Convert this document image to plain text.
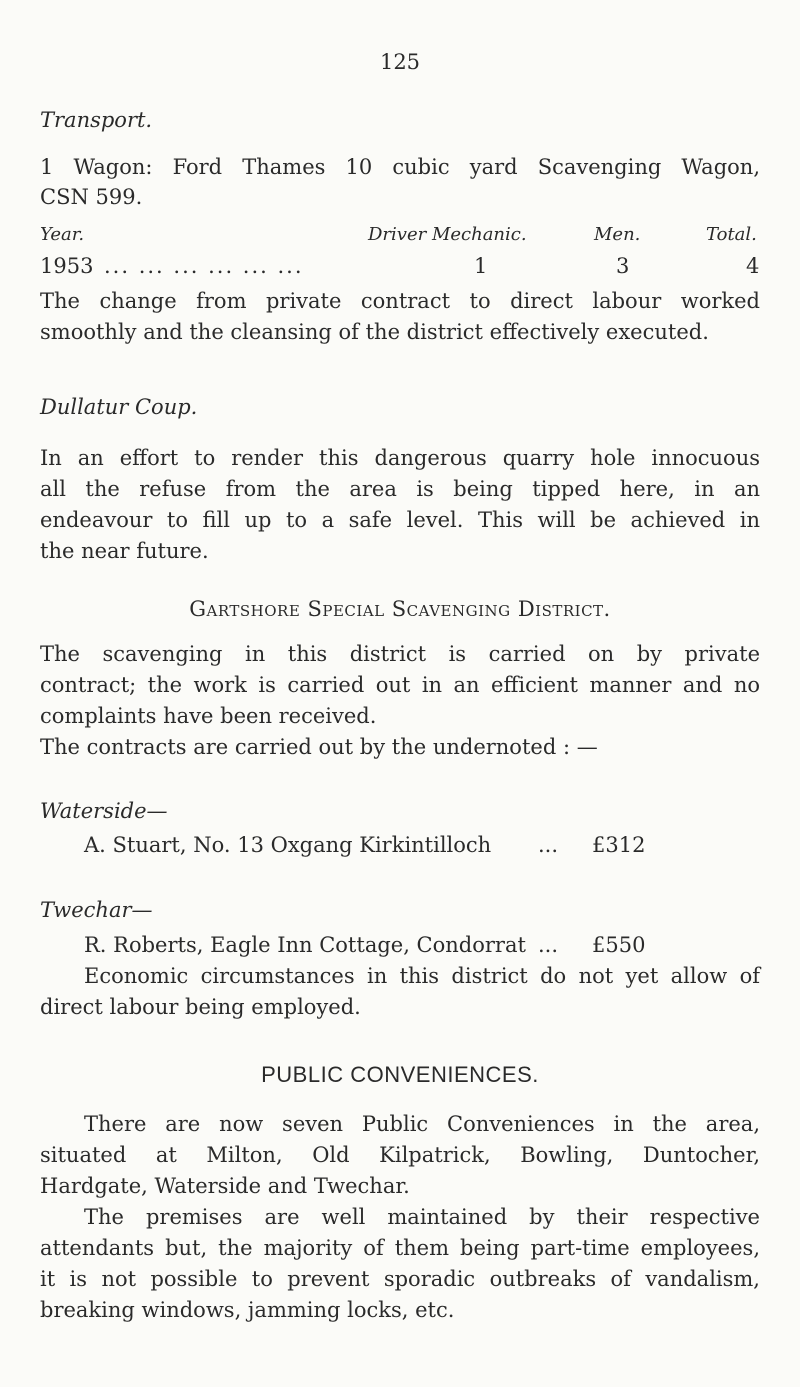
125
Transport.
1 Wagon: Ford Thames 10 cubic yard Scavenging Wagon,
CSN 599.
Year.	Driver Mechanic.	Men.	Total.
1953 ... ... ... ... ... ...	1	3	4
The change from private contract to direct labour worked
smoothly and the cleansing of the district effectively executed.
Dullatur Coup.
In an effort to render this dangerous quarry hole innocuous
all the refuse from the area is being tipped here, in an
endeavour to fill up to a safe level. This will be achieved in
the near future.
Gartshore Special Scavenging District.
The scavenging in this district is carried on by private
contract; the work is carried out in an efficient manner and no
complaints have been received.
The contracts are carried out by the undernoted : —
Waterside—
A. Stuart, No. 13 Oxgang Kirkintilloch ... £312
Twechar—
R. Roberts, Eagle Inn Cottage, Condorrat ... £550
Economic circumstances in this district do not yet allow of
direct labour being employed.
PUBLIC CONVENIENCES.
There are now seven Public Conveniences in the area,
situated at Milton, Old Kilpatrick, Bowling, Duntocher,
Hardgate, Waterside and Twechar.
The premises are well maintained by their respective
attendants but, the majority of them being part-time employees,
it is not possible to prevent sporadic outbreaks of vandalism,
breaking windows, jamming locks, etc.
